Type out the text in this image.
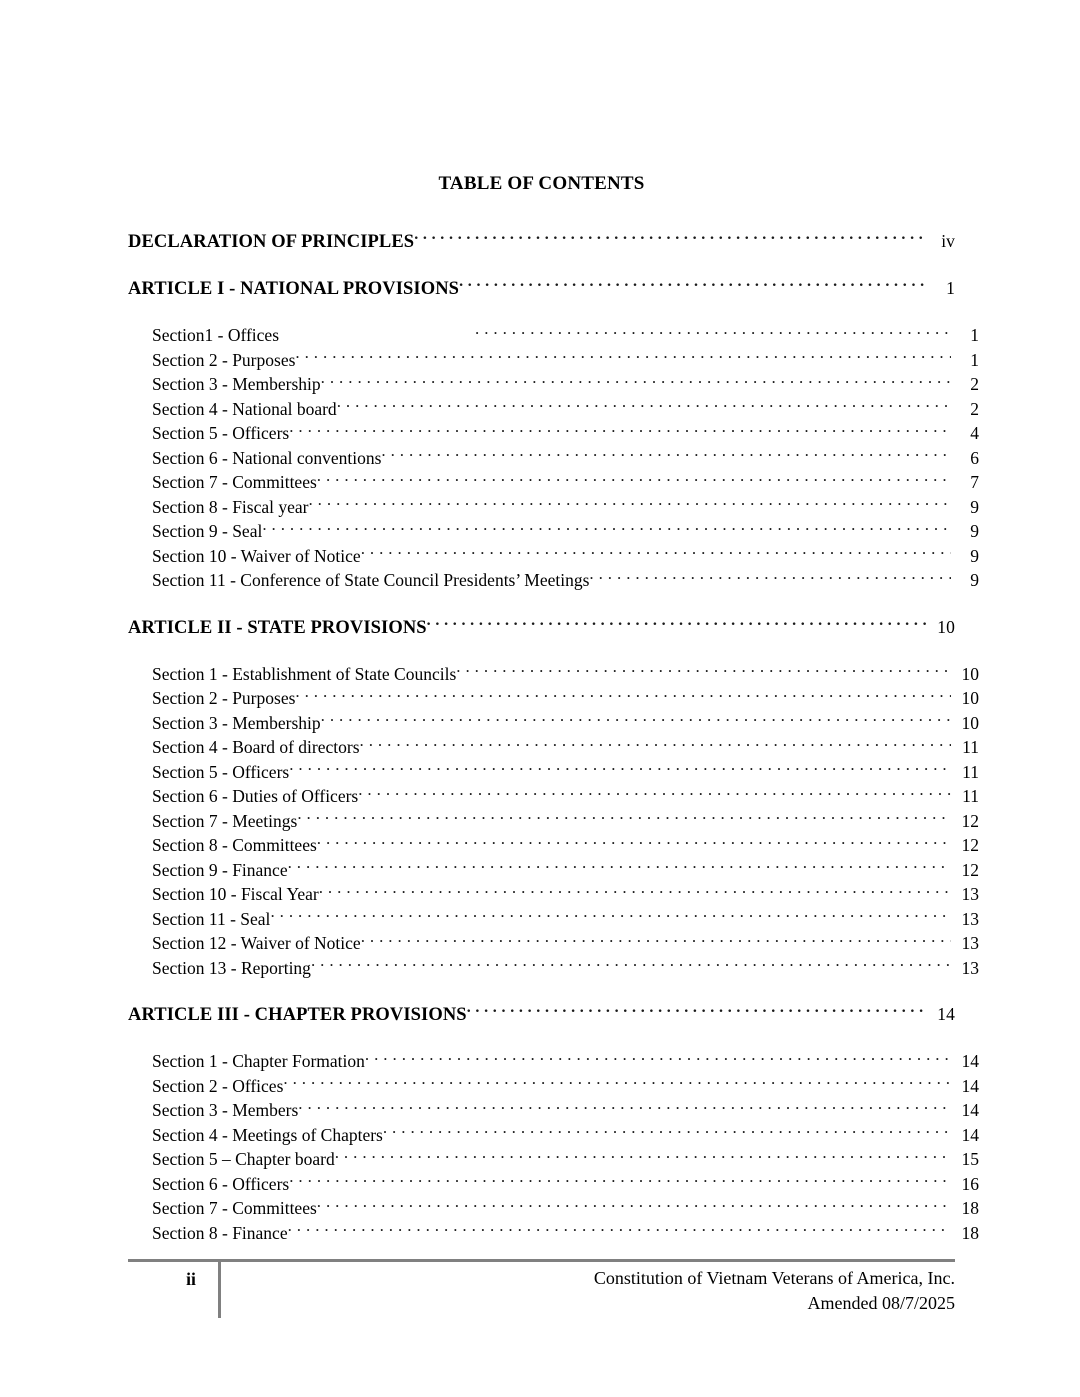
TABLE OF CONTENTS
DECLARATION OF PRINCIPLES . . .	iv
ARTICLE I - NATIONAL PROVISIONS . . .	1
Section1 - Offices . . .	1
Section 2 - Purposes . . .	1
Section 3 - Membership . . .	2
Section 4 - National board . . .	2
Section 5 - Officers . . .	4
Section 6 - National conventions . . .	6
Section 7 - Committees . . .	7
Section 8 - Fiscal year . . .	9
Section 9 - Seal . . .	9
Section 10 - Waiver of Notice . . .	9
Section 11 - Conference of State Council Presidents’ Meetings . . .	9
ARTICLE II - STATE PROVISIONS . . .	10
Section 1 - Establishment of State Councils . . .	10
Section 2 ‑ Purposes . . .	10
Section 3 - Membership . . .	10
Section 4 - Board of directors . . .	11
Section 5 - Officers . . .	11
Section 6 - Duties of Officers . . .	11
Section 7 - Meetings . . .	12
Section 8 - Committees . . .	12
Section 9 - Finance . . .	12
Section 10 - Fiscal Year . . .	13
Section 11 - Seal . . .	13
Section 12 - Waiver of Notice . . .	13
Section 13 - Reporting . . .	13
ARTICLE III - CHAPTER PROVISIONS . . .	14
Section 1 - Chapter Formation . . .	14
Section 2 - Offices . . .	14
Section 3 - Members . . .	14
Section 4 - Meetings of Chapters . . .	14
Section 5 – Chapter board . . .	15
Section 6 - Officers . . .	16
Section 7 - Committees . . .	18
Section 8 - Finance . . .	18
ii	Constitution of Vietnam Veterans of America, Inc.
Amended 08/7/2025
